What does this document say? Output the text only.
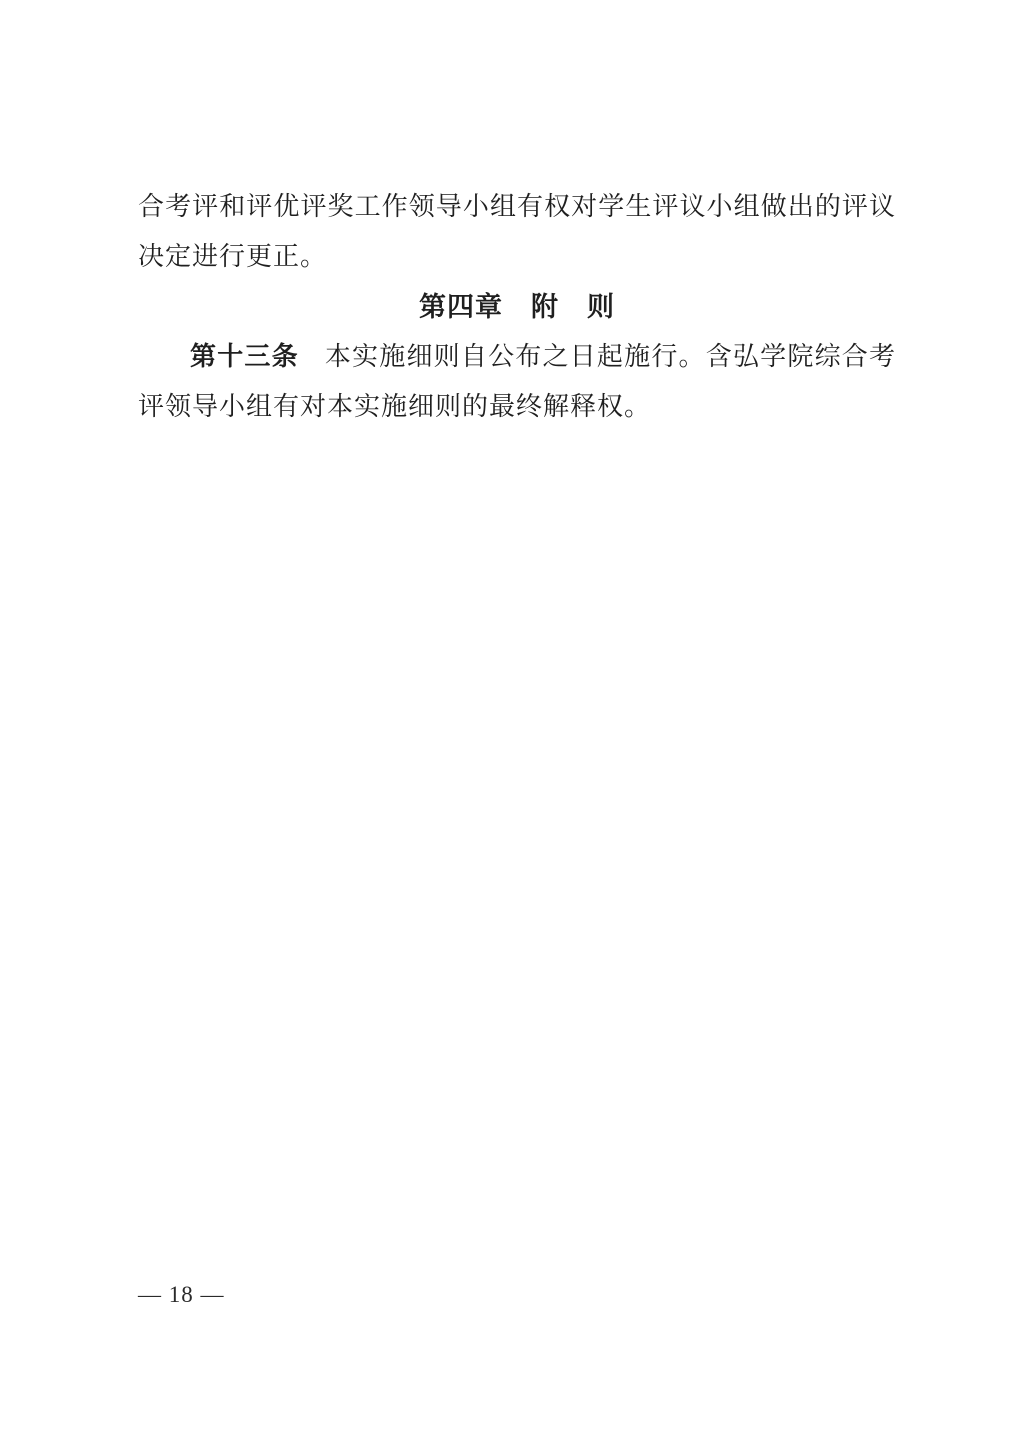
合考评和评优评奖工作领导小组有权对学生评议小组做出的评议决定进行更正。

第四章　附　则

第十三条 本实施细则自公布之日起施行。含弘学院综合考评领导小组有对本实施细则的最终解释权。

— 18 —
